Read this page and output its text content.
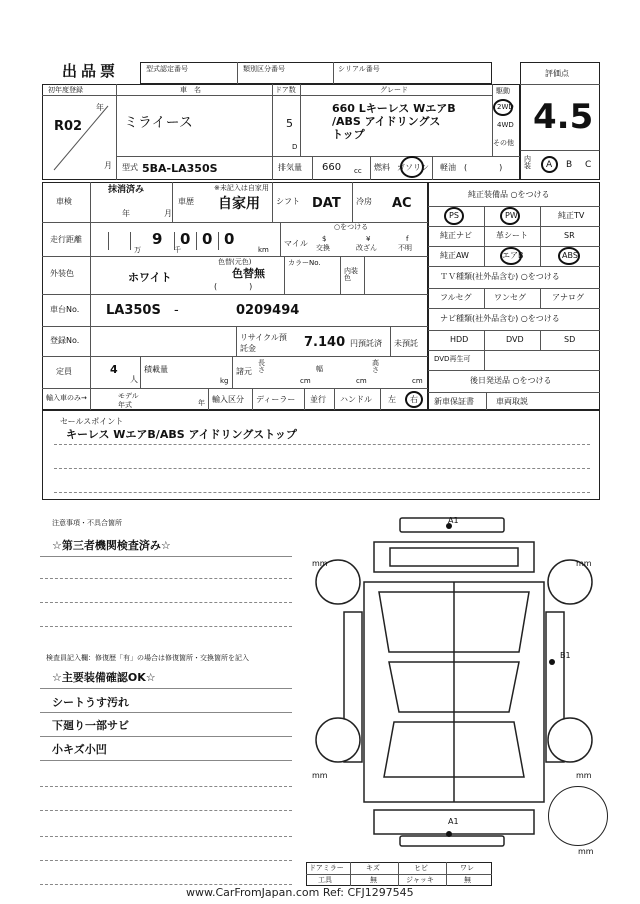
出品票	型式認定番号	類別区分番号	シリアル番号	評価点
4.5
初年度登録	車　名	ドア数	グレード
年
月
R02	ミライース	5
D
660 Lキーレス WエアB
/ABS アイドリングス
トップ
駆動
2WD
4WD
その他
型式 5BA-LA350S	排気量 660 cc 燃料 ガソリン 軽油 (　　　　)
内装	A B C
車検
抹消済み
年	月
車歴
※未記入は自家用
自家用 シフト DAT 冷房 AC
走行距離	9 0 0 0
万	千	km
マイル
○をつける
$
交換
¥
改ざん
f
不明
外装色	ホワイト
色替(元色)
色替無
(　　　　)
カラーNo.
内装色
車台No. LA350S -	0209494
登録No.	リサイクル預託金	7.140 円預託済 未預託
定員	4
人
積載量
kg
諸元
長さ
cm
幅
cm
高さ
cm
輸入車のみ→	モデル年式	年 輸入区分 ディーラー 並行 ハンドル 左 右
純正装備品 ○をつける
PS	PW	純正TV
純正ナビ	革シート	SR
純正AW	エアB	ABS
ＴＶ種類(社外品含む) ○をつける
フルセグ	ワンセグ	アナログ
ナビ種類(社外品含む) ○をつける
HDD	DVD	SD
DVD再生可
後日発送品 ○をつける
新車保証書	車両取説
セールスポイント
キーレス WエアB/ABS アイドリングストップ
注意事項・不具合箇所
☆第三者機関検査済み☆
検査員記入欄：修復歴「有」の場合は修復箇所・交換箇所を記入
☆主要装備確認OK☆
シートうす汚れ
下廻り一部サビ
小キズ小凹
A1
B1
A1
mm	mm
mm	mm
mm
ドアミラー	キズ	ヒビ	ワレ
工具	無	ジャッキ	無
www.CarFromJapan.com Ref: CFJ1297545
